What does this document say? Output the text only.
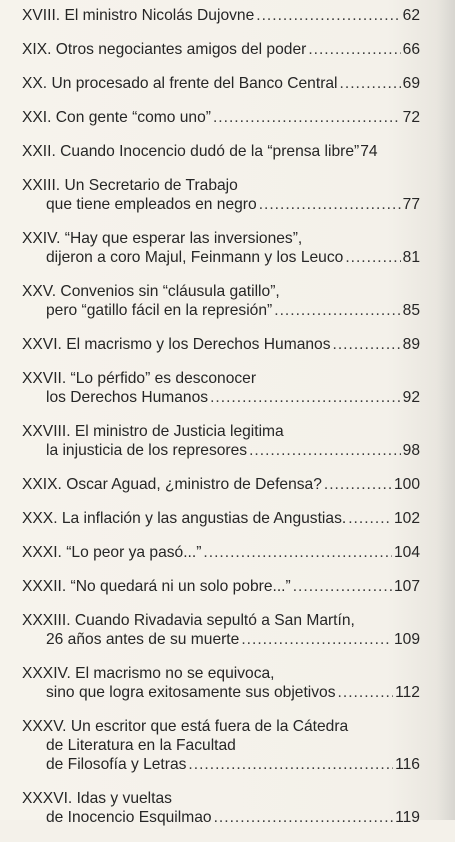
XVIII. El ministro Nicolás Dujovne .....	62
XIX. Otros negociantes amigos del poder .....	66
XX. Un procesado al frente del Banco Central .....	69
XXI. Con gente “como uno” .....	72
XXII. Cuando Inocencio dudó de la “prensa libre” 74
XXIII. Un Secretario de Trabajo
que tiene empleados en negro .....	77
XXIV. “Hay que esperar las inversiones”,
dijeron a coro Majul, Feinmann y los Leuco .....	81
XXV. Convenios sin “cláusula gatillo”,
pero “gatillo fácil en la represión” .....	85
XXVI. El macrismo y los Derechos Humanos .....	89
XXVII. “Lo pérfido” es desconocer
los Derechos Humanos .....	92
XXVIII. El ministro de Justicia legitima
la injusticia de los represores .....	98
XXIX. Oscar Aguad, ¿ministro de Defensa? .....	100
XXX. La inflación y las angustias de Angustias. .....	102
XXXI. “Lo peor ya pasó...” .....	104
XXXII. “No quedará ni un solo pobre...” .....	107
XXXIII. Cuando Rivadavia sepultó a San Martín,
26 años antes de su muerte .....	109
XXXIV. El macrismo no se equivoca,
sino que logra exitosamente sus objetivos .....	112
XXXV. Un escritor que está fuera de la Cátedra
de Literatura en la Facultad
de Filosofía y Letras .....	116
XXXVI. Idas y vueltas
de Inocencio Esquilmao .....	119
